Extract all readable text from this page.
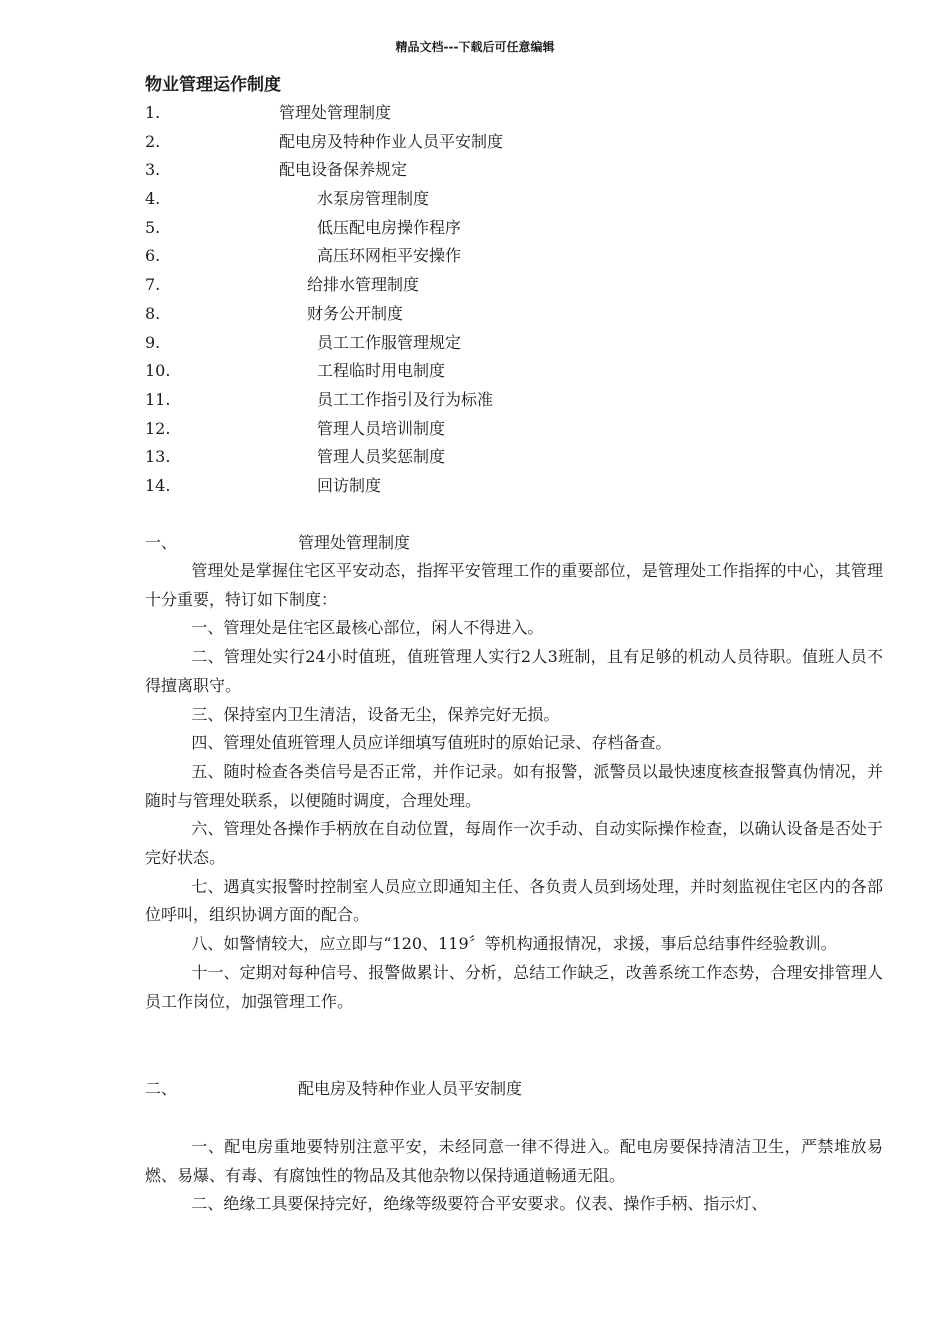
精品文档---下载后可任意编辑
物业管理运作制度
1.	管理处管理制度
2.	配电房及特种作业人员平安制度
3.	配电设备保养规定
4.	水泵房管理制度
5.	低压配电房操作程序
6.	高压环网柜平安操作
7.	给排水管理制度
8.	财务公开制度
9.	员工工作服管理规定
10.	工程临时用电制度
11.	员工工作指引及行为标准
12.	管理人员培训制度
13.	管理人员奖惩制度
14.	回访制度
一、	管理处管理制度

管理处是掌握住宅区平安动态，指挥平安管理工作的重要部位，是管理处工作指挥的中心，其管理十分重要，特订如下制度：

一、管理处是住宅区最核心部位，闲人不得进入。

二、管理处实行24小时值班，值班管理人实行2人3班制，且有足够的机动人员待职。值班人员不得擅离职守。

三、保持室内卫生清洁，设备无尘，保养完好无损。

四、管理处值班管理人员应详细填写值班时的原始记录、存档备查。

五、随时检查各类信号是否正常，并作记录。如有报警，派警员以最快速度核查报警真伪情况，并随时与管理处联系，以便随时调度，合理处理。

六、管理处各操作手柄放在自动位置，每周作一次手动、自动实际操作检查，以确认设备是否处于完好状态。

七、遇真实报警时控制室人员应立即通知主任、各负责人员到场处理，并时刻监视住宅区内的各部位呼叫，组织协调方面的配合。

八、如警情较大，应立即与“120、119〞等机构通报情况，求援，事后总结事件经验教训。

十一、定期对每种信号、报警做累计、分析，总结工作缺乏，改善系统工作态势，合理安排管理人员工作岗位，加强管理工作。

二、	配电房及特种作业人员平安制度

一、配电房重地要特别注意平安，未经同意一律不得进入。配电房要保持清洁卫生，严禁堆放易燃、易爆、有毒、有腐蚀性的物品及其他杂物以保持通道畅通无阻。

二、绝缘工具要保持完好，绝缘等级要符合平安要求。仪表、操作手柄、指示灯、
